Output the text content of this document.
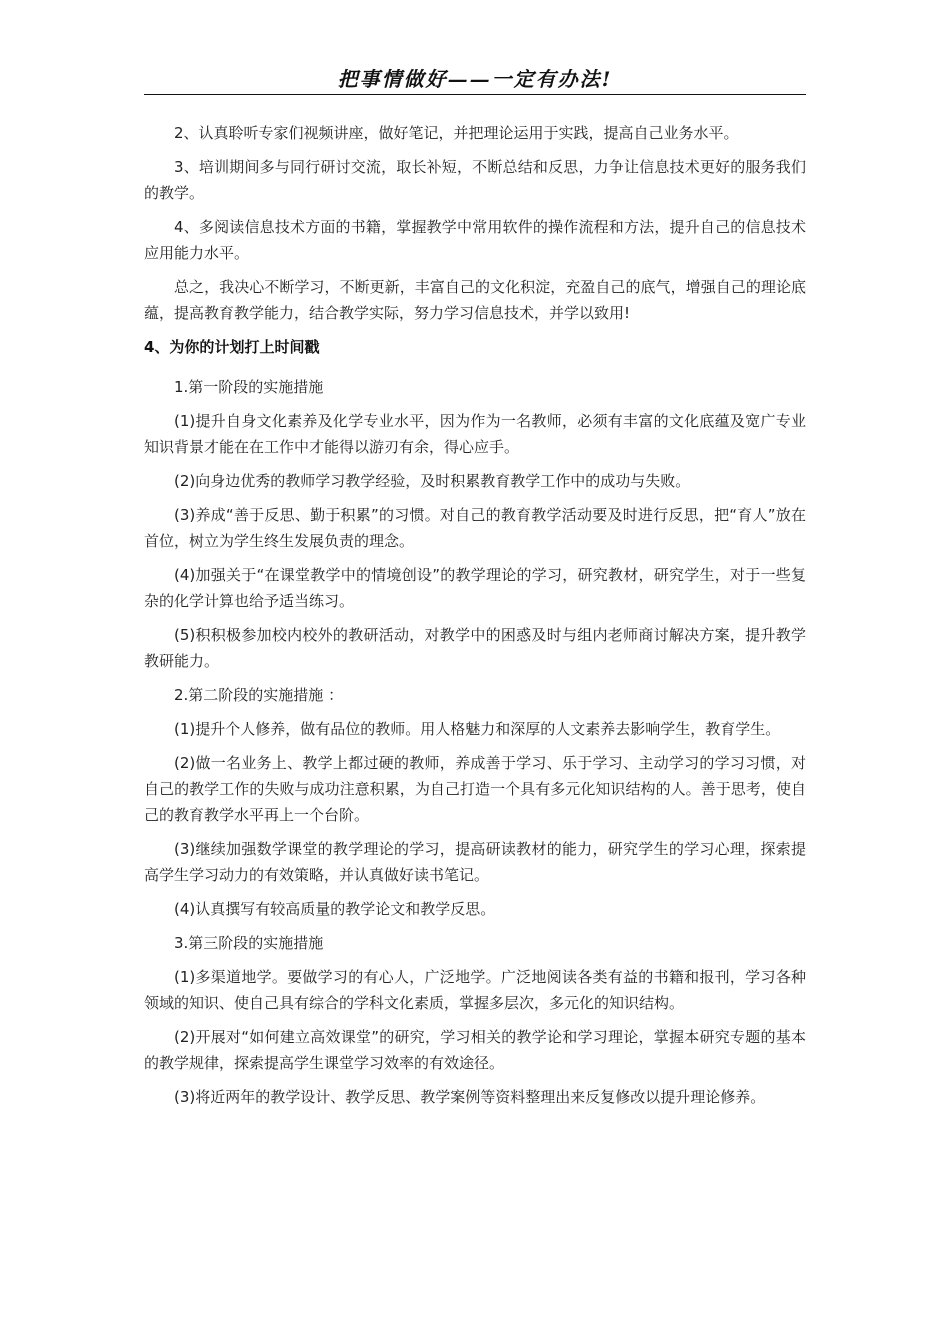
把事情做好——一定有办法!

2、认真聆听专家们视频讲座，做好笔记，并把理论运用于实践，提高自己业务水平。

3、培训期间多与同行研讨交流，取长补短，不断总结和反思，力争让信息技术更好的服务我们的教学。

4、多阅读信息技术方面的书籍，掌握教学中常用软件的操作流程和方法，提升自己的信息技术应用能力水平。

总之，我决心不断学习，不断更新，丰富自己的文化积淀，充盈自己的底气，增强自己的理论底蕴，提高教育教学能力，结合教学实际，努力学习信息技术，并学以致用!

4、为你的计划打上时间戳

1.第一阶段的实施措施

(1)提升自身文化素养及化学专业水平，因为作为一名教师，必须有丰富的文化底蕴及宽广专业知识背景才能在在工作中才能得以游刃有余，得心应手。

(2)向身边优秀的教师学习教学经验，及时积累教育教学工作中的成功与失败。

(3)养成“善于反思、勤于积累”的习惯。对自己的教育教学活动要及时进行反思，把“育人”放在首位，树立为学生终生发展负责的理念。

(4)加强关于“在课堂教学中的情境创设”的教学理论的学习，研究教材，研究学生，对于一些复杂的化学计算也给予适当练习。

(5)积积极参加校内校外的教研活动，对教学中的困惑及时与组内老师商讨解决方案，提升教学教研能力。

2.第二阶段的实施措施 ：

(1)提升个人修养，做有品位的教师。用人格魅力和深厚的人文素养去影响学生，教育学生。

(2)做一名业务上、教学上都过硬的教师，养成善于学习、乐于学习、主动学习的学习习惯，对自己的教学工作的失败与成功注意积累，为自己打造一个具有多元化知识结构的人。善于思考，使自己的教育教学水平再上一个台阶。

(3)继续加强数学课堂的教学理论的学习，提高研读教材的能力，研究学生的学习心理，探索提高学生学习动力的有效策略，并认真做好读书笔记。

(4)认真撰写有较高质量的教学论文和教学反思。

3.第三阶段的实施措施

(1)多渠道地学。要做学习的有心人，广泛地学。广泛地阅读各类有益的书籍和报刊，学习各种领域的知识、使自己具有综合的学科文化素质，掌握多层次，多元化的知识结构。

(2)开展对“如何建立高效课堂”的研究，学习相关的教学论和学习理论，掌握本研究专题的基本的教学规律，探索提高学生课堂学习效率的有效途径。

(3)将近两年的教学设计、教学反思、教学案例等资料整理出来反复修改以提升理论修养。
